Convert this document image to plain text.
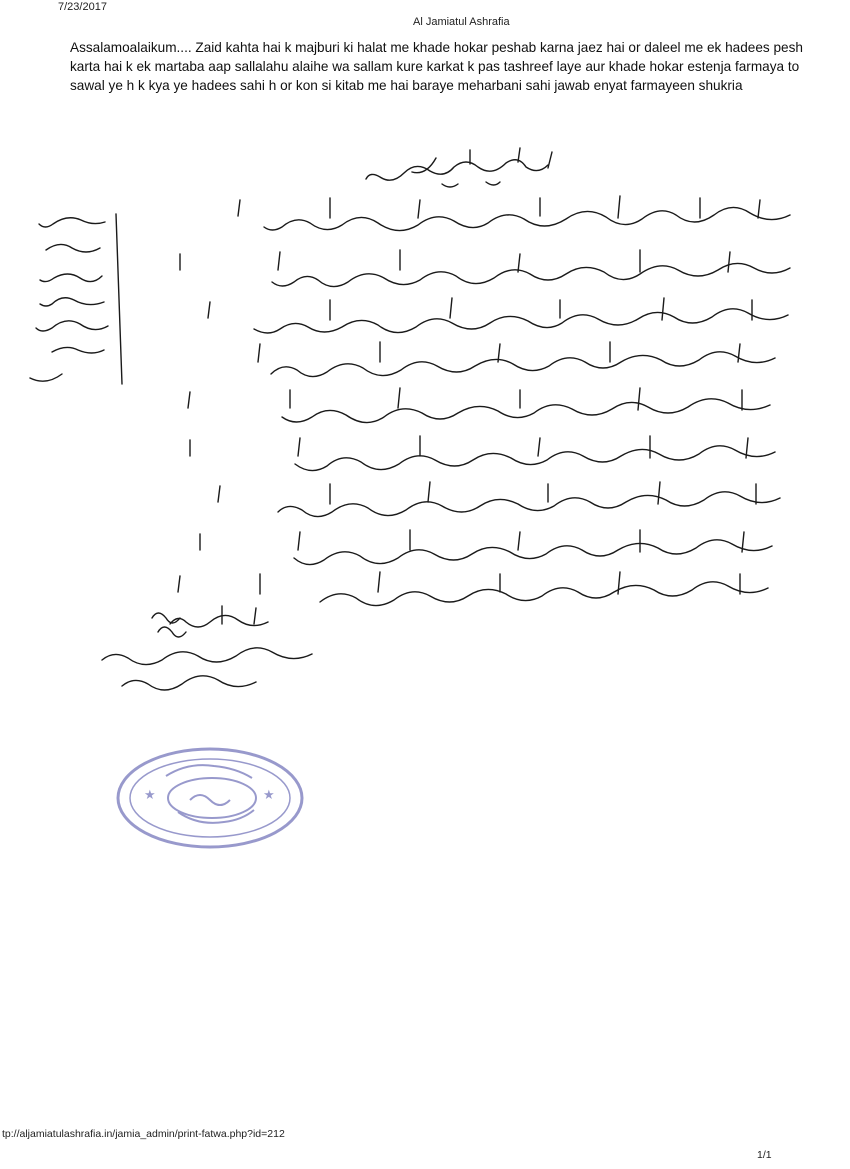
7/23/2017
Al Jamiatul Ashrafia
Assalamoalaikum.... Zaid kahta hai k majburi ki halat me khade hokar peshab karna jaez hai or daleel me ek hadees pesh karta hai k ek martaba aap sallalahu alaihe wa sallam kure karkat k pas tashreef laye aur khade hokar estenja farmaya to sawal ye h k kya ye hadees sahi h or kon si kitab me hai baraye meharbani sahi jawab enyat farmayeen shukria
★	★
tp://aljamiatulashrafia.in/jamia_admin/print-fatwa.php?id=212
1/1
